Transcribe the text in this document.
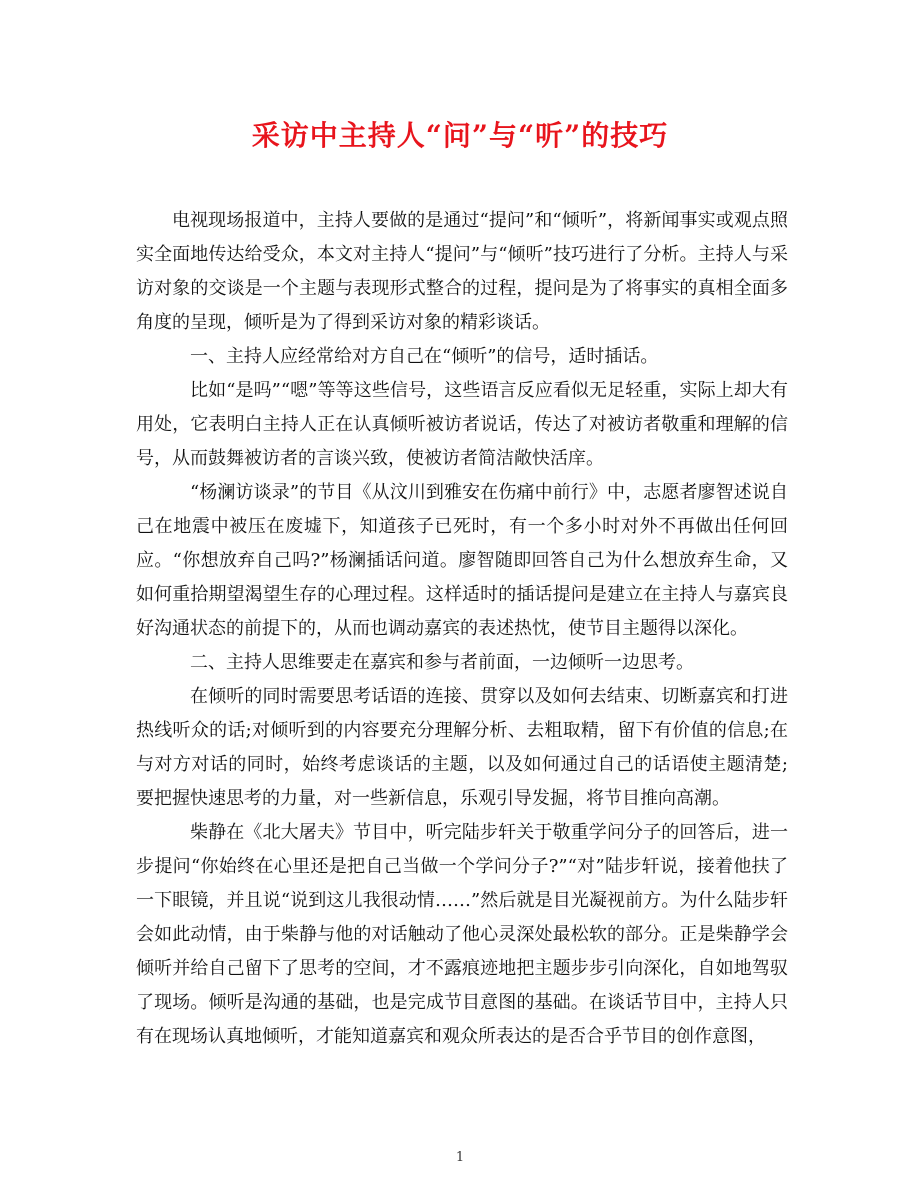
采访中主持人“问”与“听”的技巧

电视现场报道中，主持人要做的是通过“提问”和“倾听”，将新闻事实或观点照实全面地传达给受众，本文对主持人“提问”与“倾听”技巧进行了分析。主持人与采访对象的交谈是一个主题与表现形式整合的过程，提问是为了将事实的真相全面多角度的呈现，倾听是为了得到采访对象的精彩谈话。

一、主持人应经常给对方自己在“倾听”的信号，适时插话。

比如“是吗”“嗯”等等这些信号，这些语言反应看似无足轻重，实际上却大有用处，它表明白主持人正在认真倾听被访者说话，传达了对被访者敬重和理解的信号，从而鼓舞被访者的言谈兴致，使被访者简洁敞快活庠。

“杨澜访谈录”的节目《从汶川到雅安在伤痛中前行》中，志愿者廖智述说自己在地震中被压在废墟下，知道孩子已死时，有一个多小时对外不再做出任何回应。“你想放弃自己吗?”杨澜插话问道。廖智随即回答自己为什么想放弃生命，又如何重拾期望渴望生存的心理过程。这样适时的插话提问是建立在主持人与嘉宾良好沟通状态的前提下的，从而也调动嘉宾的表述热忱，使节目主题得以深化。

二、主持人思维要走在嘉宾和参与者前面，一边倾听一边思考。

在倾听的同时需要思考话语的连接、贯穿以及如何去结束、切断嘉宾和打进热线听众的话;对倾听到的内容要充分理解分析、去粗取精，留下有价值的信息;在与对方对话的同时，始终考虑谈话的主题，以及如何通过自己的话语使主题清楚;要把握快速思考的力量，对一些新信息，乐观引导发掘，将节目推向高潮。

柴静在《北大屠夫》节目中，听完陆步轩关于敬重学问分子的回答后，进一步提问“你始终在心里还是把自己当做一个学问分子?”“对”陆步轩说，接着他扶了一下眼镜，并且说“说到这儿我很动情……”然后就是目光凝视前方。为什么陆步轩会如此动情，由于柴静与他的对话触动了他心灵深处最松软的部分。正是柴静学会倾听并给自己留下了思考的空间，才不露痕迹地把主题步步引向深化，自如地驾驭了现场。倾听是沟通的基础，也是完成节目意图的基础。在谈话节目中，主持人只有在现场认真地倾听，才能知道嘉宾和观众所表达的是否合乎节目的创作意图，

1
